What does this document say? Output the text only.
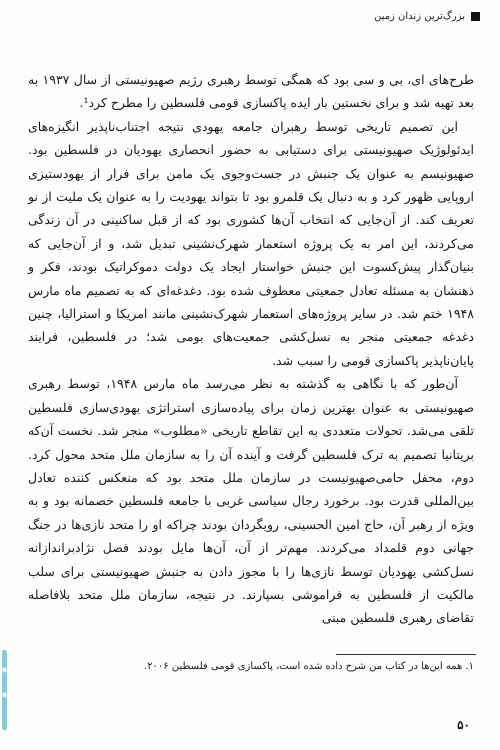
بزرگ‌ترین زندان زمین

طرح‌های ای، بی و سی بود که همگی توسط رهبری رژیم صهیونیستی از سال ۱۹۳۷ به بعد تهیه شد و برای نخستین بار ایده پاکسازی قومی فلسطین را مطرح کرد¹.

این تصمیم تاریخی توسط رهبران جامعه یهودی نتیجه اجتناب‌ناپذیر انگیزه‌های ایدئولوژیک صهیونیستی برای دستیابی به حضور انحصاری یهودیان در فلسطین بود. صهیونیسم به عنوان یک جنبش در جست‌وجوی یک مامن برای فرار از یهودستیزی اروپایی ظهور کرد و به دنبال یک قلمرو بود تا بتواند یهودیت را به عنوان یک ملیت از نو تعریف کند. از آن‌جایی که انتخاب آن‌ها کشوری بود که از قبل ساکنینی در آن زندگی می‌کردند، این امر به یک پروژه استعمار شهرک‌نشینی تبدیل شد، و از آن‌جایی که بنیان‌گذار پیش‌کسوت این جنبش خواستار ایجاد یک دولت دموکراتیک بودند، فکر و ذهنشان به مسئله تعادل جمعیتی معطوف شده بود. دغدغه‌ای که به تصمیم ماه مارس ۱۹۴۸ ختم شد. در سایر پروژه‌های استعمار شهرک‌نشینی مانند امریکا و استرالیا، چنین دغدغه جمعیتی منجر به نسل‌کشی جمعیت‌های بومی شد؛ در فلسطین، فرایند پایان‌ناپذیر پاکسازی قومی را سبب شد.

آن‌طور که با نگاهی به گذشته به نظر می‌رسد ماه مارس ۱۹۴۸، توسط رهبری صهیونیستی به عنوان بهترین زمان برای پیاده‌سازی استراتژی یهودی‌سازی فلسطین تلقی می‌شد. تحولات متعددی به این تقاطع تاریخی «مطلوب» منجر شد. نخست آن‌که بریتانیا تصمیم به ترک فلسطین گرفت و آینده آن را به سازمان ملل متحد محول کرد. دوم، محفل حامی‌صهیونیست در سازمان ملل متحد بود که منعکس کننده تعادل بین‌المللی قدرت بود. برخورد رجال سیاسی غربی با جامعه فلسطین خصمانه بود و به ویژه از رهبر آن، حاج امین الحسینی، رویگردان بودند چراکه او را متحد نازی‌ها در جنگ جهانی دوم قلمداد می‌کردند. مهم‌تر از آن، آن‌ها مایل بودند فصل نژادبراندازانه نسل‌کشی یهودیان توسط نازی‌ها را با مجوز دادن به جنبش صهیونیستی برای سلب مالکیت از فلسطین به فراموشی بسپارند. در نتیجه، سازمان ملل متحد بلافاصله تقاضای رهبری فلسطین مبنی

۱. همه این‌ها در کتاب من شرح داده شده است، پاکسازی قومی فلسطین ۲۰۰۶.
۵۰
